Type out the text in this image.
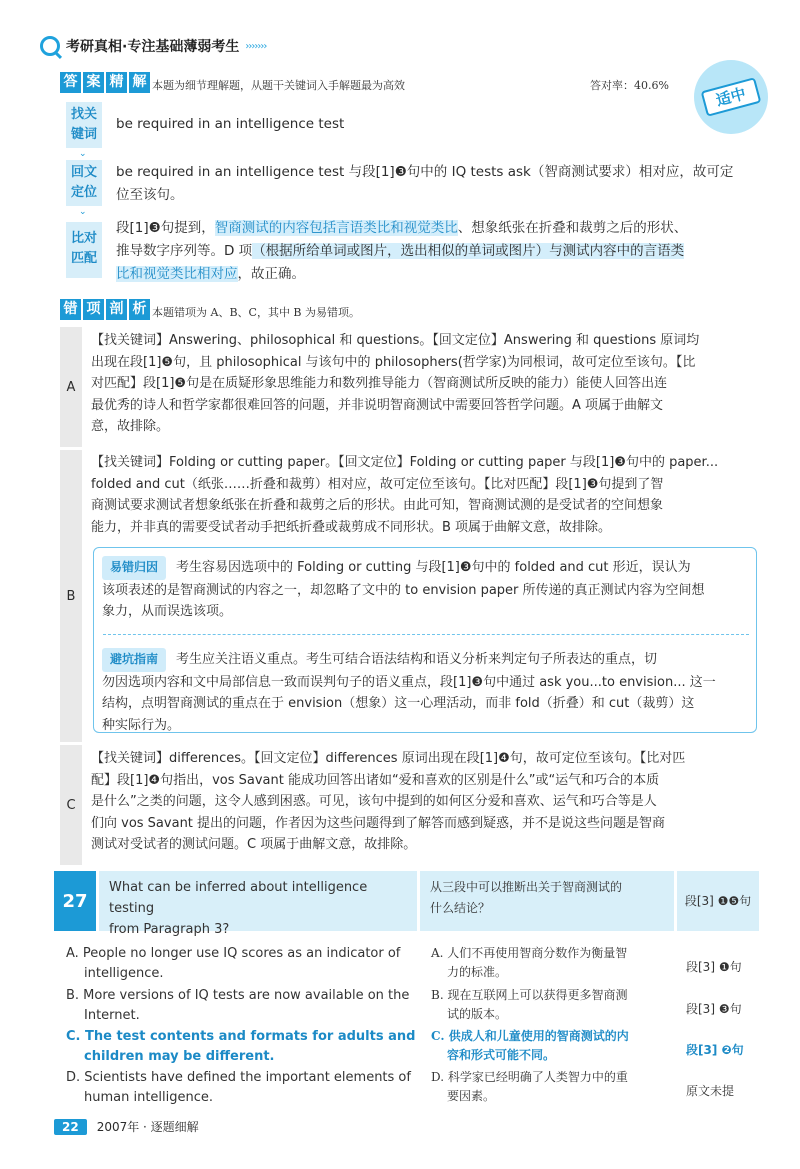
考研真相·专注基础薄弱考生 ›››››››
答 案 精 解 本题为细节理解题，从题干关键词入手解题最为高效	答对率：40.6%	适中
找关键词
be required in an intelligence test
⌄
回文定位
be required in an intelligence test 与段[1]❸句中的 IQ tests ask（智商测试要求）相对应，故可定
位至该句。
⌄
比对匹配
段[1]❸句提到，智商测试的内容包括言语类比和视觉类比、想象纸张在折叠和裁剪之后的形状、
推导数字序列等。D 项（根据所给单词或图片，选出相似的单词或图片）与测试内容中的言语类
比和视觉类比相对应，故正确。
错 项 剖 析 本题错项为 A、B、C，其中 B 为易错项。
A
【找关键词】Answering、philosophical 和 questions。【回文定位】Answering 和 questions 原词均
出现在段[1]❺句，且 philosophical 与该句中的 philosophers(哲学家)为同根词，故可定位至该句。【比
对匹配】段[1]❺句是在质疑形象思维能力和数列推导能力（智商测试所反映的能力）能使人回答出连
最优秀的诗人和哲学家都很难回答的问题，并非说明智商测试中需要回答哲学问题。A 项属于曲解文
意，故排除。
B
【找关键词】Folding or cutting paper。【回文定位】Folding or cutting paper 与段[1]❸句中的 paper...
folded and cut（纸张……折叠和裁剪）相对应，故可定位至该句。【比对匹配】段[1]❸句提到了智
商测试要求测试者想象纸张在折叠和裁剪之后的形状。由此可知，智商测试测的是受试者的空间想象
能力，并非真的需要受试者动手把纸折叠或裁剪成不同形状。B 项属于曲解文意，故排除。
易错归因 考生容易因选项中的 Folding or cutting 与段[1]❸句中的 folded and cut 形近，误认为
该项表述的是智商测试的内容之一，却忽略了文中的 to envision paper 所传递的真正测试内容为空间想
象力，从而误选该项。
避坑指南 考生应关注语义重点。考生可结合语法结构和语义分析来判定句子所表达的重点，切
勿因选项内容和文中局部信息一致而误判句子的语义重点，段[1]❸句中通过 ask you...to envision... 这一
结构，点明智商测试的重点在于 envision（想象）这一心理活动，而非 fold（折叠）和 cut（裁剪）这
种实际行为。
C
【找关键词】differences。【回文定位】differences 原词出现在段[1]❹句，故可定位至该句。【比对匹
配】段[1]❹句指出，vos Savant 能成功回答出诸如“爱和喜欢的区别是什么”或“运气和巧合的本质
是什么”之类的问题，这令人感到困惑。可见，该句中提到的如何区分爱和喜欢、运气和巧合等是人
们向 vos Savant 提出的问题，作者因为这些问题得到了解答而感到疑惑，并不是说这些问题是智商
测试对受试者的测试问题。C 项属于曲解文意，故排除。
27
What can be inferred about intelligence testing
from Paragraph 3?
从三段中可以推断出关于智商测试的
什么结论？
段[3] ❶❺句
A. People no longer use IQ scores as an indicator of
intelligence.
A. 人们不再使用智商分数作为衡量智
力的标准。	段[3] ❶句
B. More versions of IQ tests are now available on the
Internet.
B. 现在互联网上可以获得更多智商测
试的版本。	段[3] ❸句
C. The test contents and formats for adults and
children may be different.
C. 供成人和儿童使用的智商测试的内
容和形式可能不同。	段[3] ❷句
D. Scientists have defined the important elements of
human intelligence.
D. 科学家已经明确了人类智力中的重
要因素。	原文未提
22	2007年 · 逐题细解
